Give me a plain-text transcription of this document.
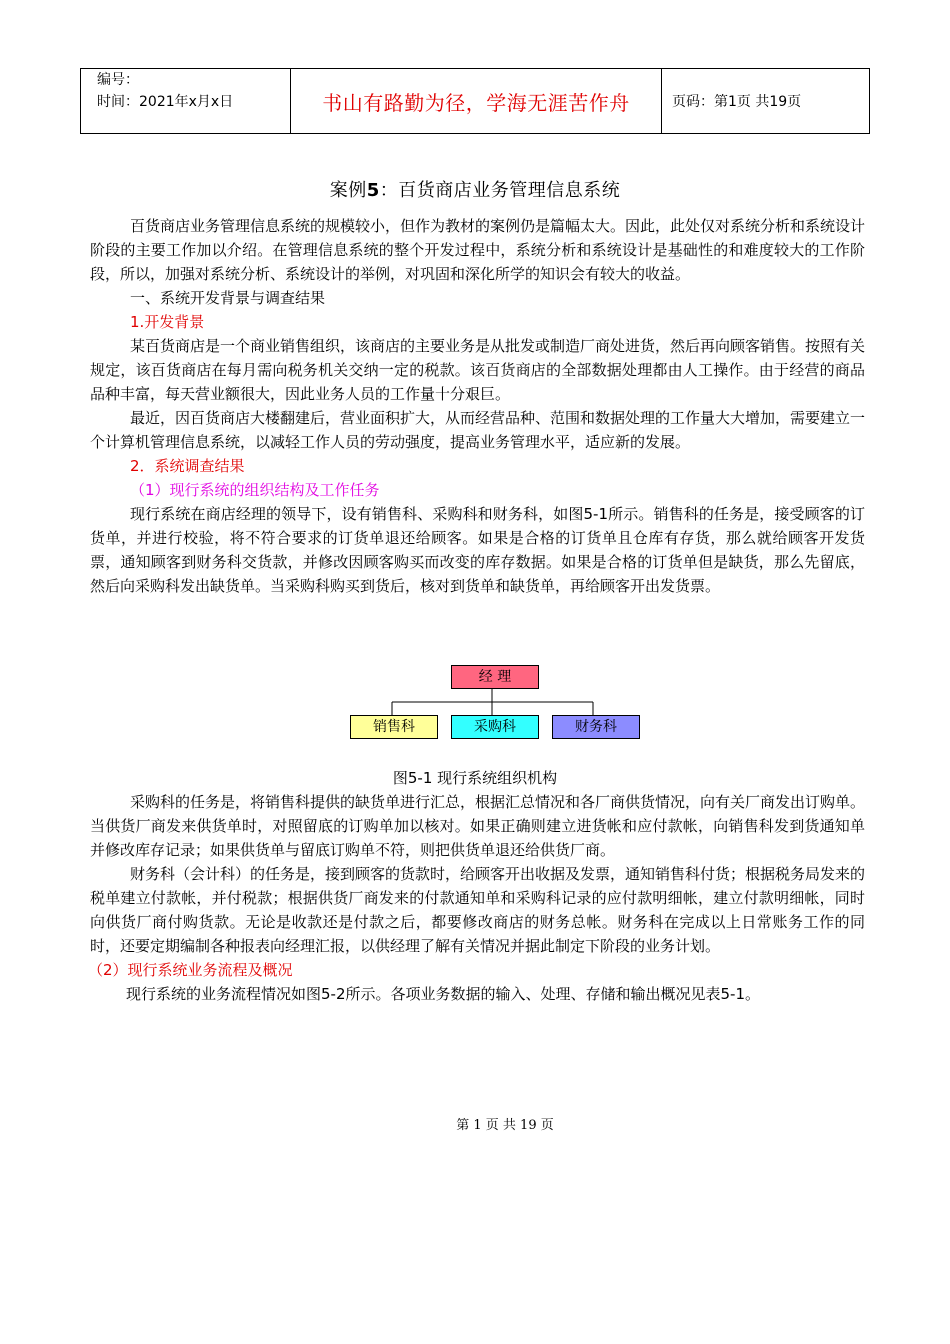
编号：
时间：2021年x月x日	书山有路勤为径，学海无涯苦作舟	页码：第1页 共19页
案例5：百货商店业务管理信息系统

百货商店业务管理信息系统的规模较小，但作为教材的案例仍是篇幅太大。因此，此处仅对系统分析和系统设计阶段的主要工作加以介绍。在管理信息系统的整个开发过程中，系统分析和系统设计是基础性的和难度较大的工作阶段，所以，加强对系统分析、系统设计的举例，对巩固和深化所学的知识会有较大的收益。

一、系统开发背景与调查结果

1.开发背景

某百货商店是一个商业销售组织，该商店的主要业务是从批发或制造厂商处进货，然后再向顾客销售。按照有关规定，该百货商店在每月需向税务机关交纳一定的税款。该百货商店的全部数据处理都由人工操作。由于经营的商品品种丰富，每天营业额很大，因此业务人员的工作量十分艰巨。

最近，因百货商店大楼翻建后，营业面积扩大，从而经营品种、范围和数据处理的工作量大大增加，需要建立一个计算机管理信息系统，以减轻工作人员的劳动强度，提高业务管理水平，适应新的发展。

2．系统调查结果

（1）现行系统的组织结构及工作任务

现行系统在商店经理的领导下，设有销售科、采购科和财务科，如图5-1所示。销售科的任务是，接受顾客的订货单，并进行校验，将不符合要求的订货单退还给顾客。如果是合格的订货单且仓库有存货，那么就给顾客开发货票，通知顾客到财务科交货款，并修改因顾客购买而改变的库存数据。如果是合格的订货单但是缺货，那么先留底，然后向采购科发出缺货单。当采购科购买到货后，核对到货单和缺货单，再给顾客开出发货票。

经 理
销售科	采购科	财务科
图5-1 现行系统组织机构

采购科的任务是，将销售科提供的缺货单进行汇总，根据汇总情况和各厂商供货情况，向有关厂商发出订购单。当供货厂商发来供货单时，对照留底的订购单加以核对。如果正确则建立进货帐和应付款帐，向销售科发到货通知单并修改库存记录；如果供货单与留底订购单不符，则把供货单退还给供货厂商。

财务科（会计科）的任务是，接到顾客的货款时，给顾客开出收据及发票，通知销售科付货；根据税务局发来的税单建立付款帐，并付税款；根据供货厂商发来的付款通知单和采购科记录的应付款明细帐，建立付款明细帐，同时向供货厂商付购货款。无论是收款还是付款之后，都要修改商店的财务总帐。财务科在完成以上日常账务工作的同时，还要定期编制各种报表向经理汇报，以供经理了解有关情况并据此制定下阶段的业务计划。

（2）现行系统业务流程及概况

现行系统的业务流程情况如图5-2所示。各项业务数据的输入、处理、存储和输出概况见表5-1。

第 1 页 共 19 页
